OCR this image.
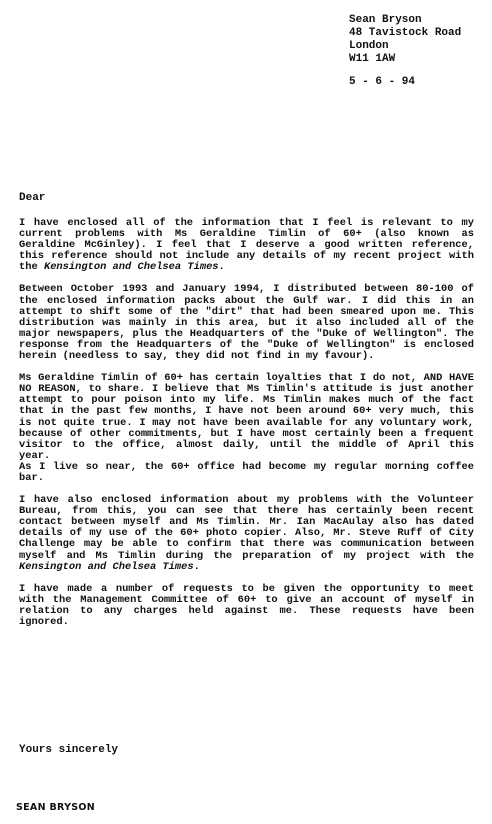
Sean Bryson
48 Tavistock Road
London
W11 1AW
5 - 6 - 94
Dear

I have enclosed all of the information that I feel is relevant to my current problems with Ms Geraldine Timlin of 60+ (also known as Geraldine McGinley). I feel that I deserve a good written reference, this reference should not include any details of my recent project with the Kensington and Chelsea Times.

Between October 1993 and January 1994, I distributed between 80-100 of the enclosed information packs about the Gulf war. I did this in an attempt to shift some of the "dirt" that had been smeared upon me. This distribution was mainly in this area, but it also included all of the major newspapers, plus the Headquarters of the "Duke of Wellington". The response from the Headquarters of the "Duke of Wellington" is enclosed herein (needless to say, they did not find in my favour).

Ms Geraldine Timlin of 60+ has certain loyalties that I do not, AND HAVE NO REASON, to share. I believe that Ms Timlin's attitude is just another attempt to pour poison into my life. Ms Timlin makes much of the fact that in the past few months, I have not been around 60+ very much, this is not quite true. I may not have been available for any voluntary work, because of other commitments, but I have most certainly been a frequent visitor to the office, almost daily, until the middle of April this year.
As I live so near, the 60+ office had become my regular morning coffee bar.

I have also enclosed information about my problems with the Volunteer Bureau, from this, you can see that there has certainly been recent contact between myself and Ms Timlin. Mr. Ian MacAulay also has dated details of my use of the 60+ photo copier. Also, Mr. Steve Ruff of City Challenge may be able to confirm that there was communication between myself and Ms Timlin during the preparation of my project with the Kensington and Chelsea Times.

I have made a number of requests to be given the opportunity to meet with the Management Committee of 60+ to give an account of myself in relation to any charges held against me. These requests have been ignored.

Yours sincerely
SEAN BRYSON
